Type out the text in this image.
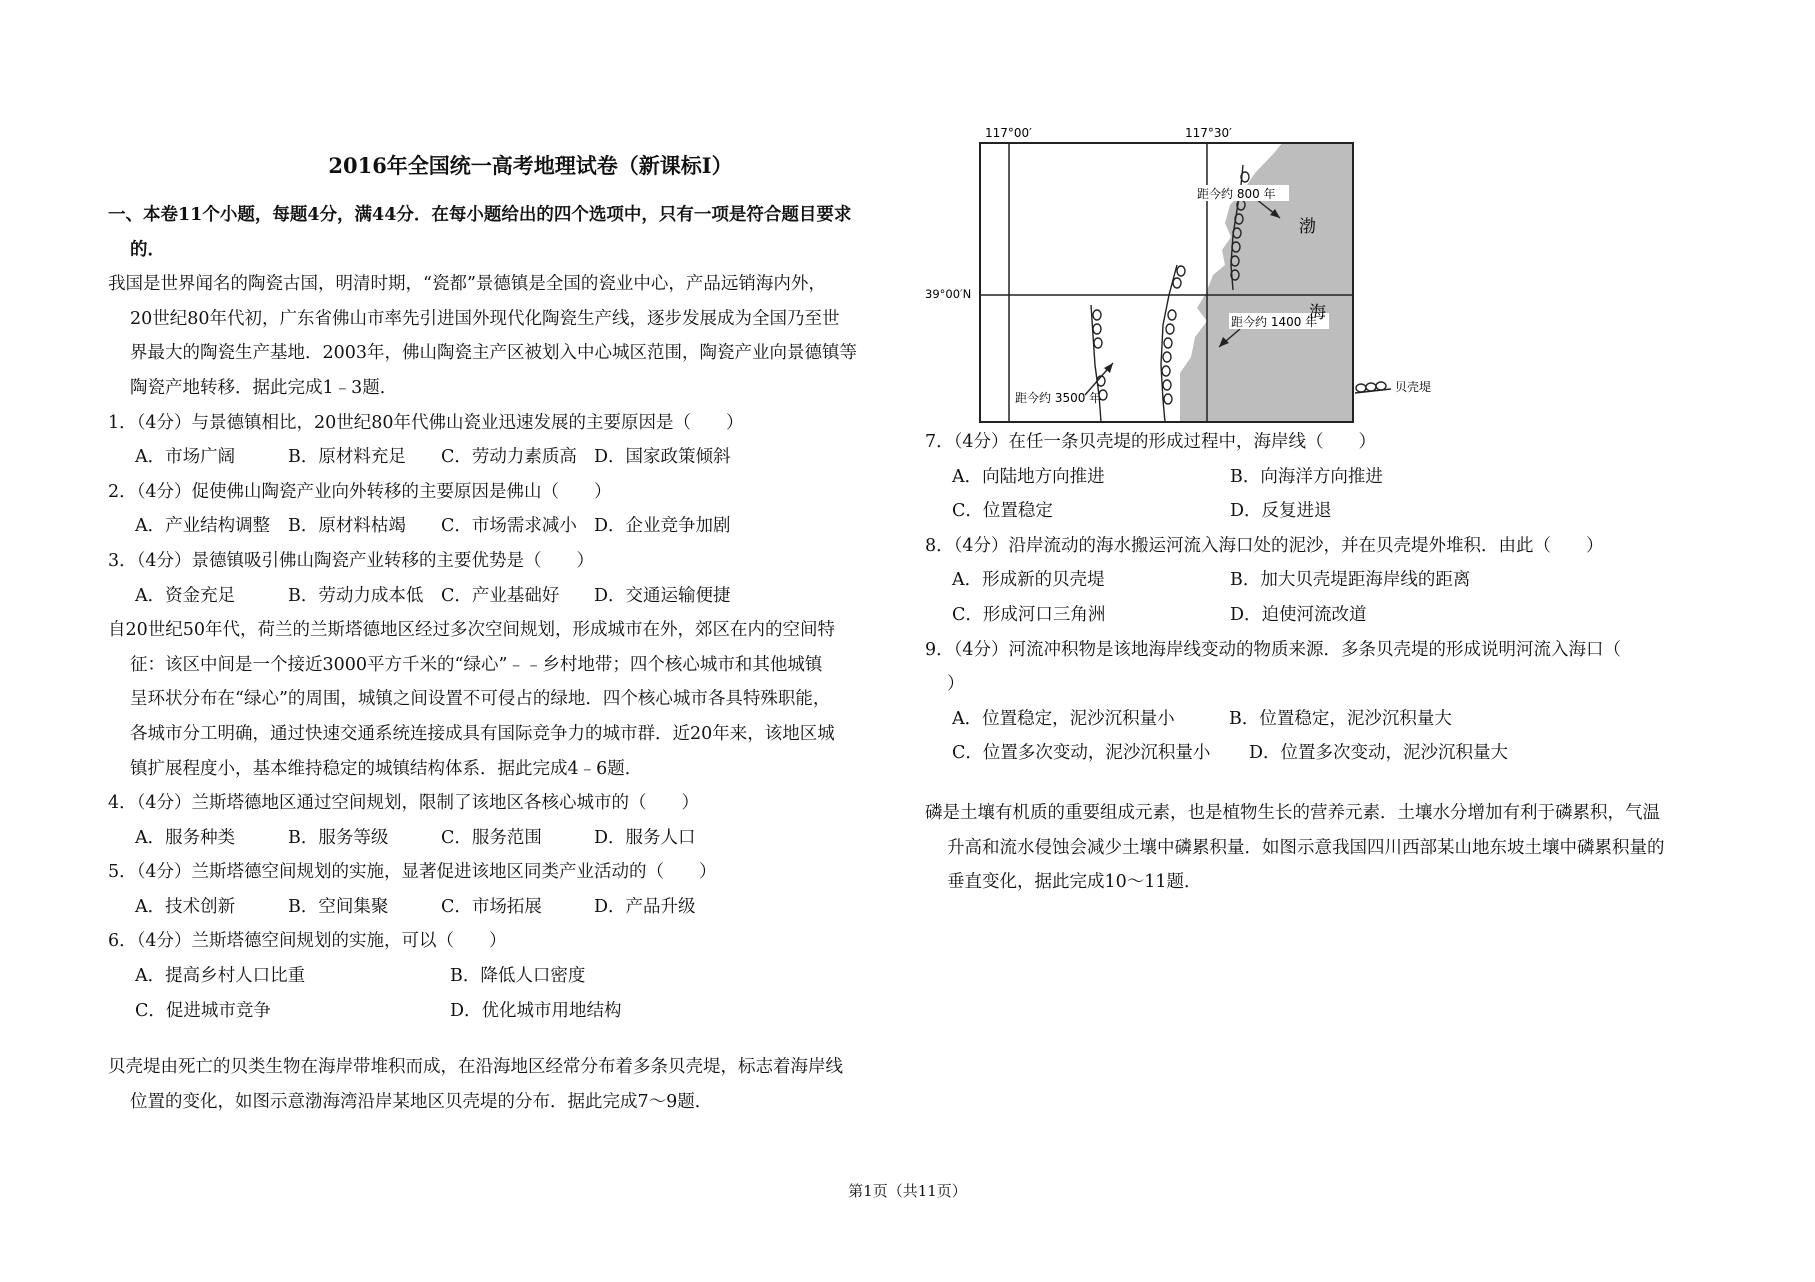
2016年全国统一高考地理试卷（新课标Ⅰ）
一、本卷11个小题，每题4分，满44分．在每小题给出的四个选项中，只有一项是符合题目要求
的．
我国是世界闻名的陶瓷古国，明清时期，“瓷都”景德镇是全国的瓷业中心，产品远销海内外，
20世纪80年代初，广东省佛山市率先引进国外现代化陶瓷生产线，逐步发展成为全国乃至世
界最大的陶瓷生产基地．2003年，佛山陶瓷主产区被划入中心城区范围，陶瓷产业向景德镇等
陶瓷产地转移．据此完成1﹣3题．
1．（4分）与景德镇相比，20世纪80年代佛山瓷业迅速发展的主要原因是（　　）
A．市场广阔	B．原材料充足	C．劳动力素质高 D．国家政策倾斜
2．（4分）促使佛山陶瓷产业向外转移的主要原因是佛山（　　）
A．产业结构调整	B．原材料枯竭	C．市场需求减小 D．企业竞争加剧
3．（4分）景德镇吸引佛山陶瓷产业转移的主要优势是（　　）
A．资金充足	B．劳动力成本低	C．产业基础好	D．交通运输便捷
自20世纪50年代，荷兰的兰斯塔德地区经过多次空间规划，形成城市在外，郊区在内的空间特
征：该区中间是一个接近3000平方千米的“绿心”﹣﹣乡村地带；四个核心城市和其他城镇
呈环状分布在“绿心”的周围，城镇之间设置不可侵占的绿地．四个核心城市各具特殊职能，
各城市分工明确，通过快速交通系统连接成具有国际竞争力的城市群．近20年来，该地区城
镇扩展程度小，基本维持稳定的城镇结构体系．据此完成4﹣6题．
4．（4分）兰斯塔德地区通过空间规划，限制了该地区各核心城市的（　　）
A．服务种类	B．服务等级	C．服务范围	D．服务人口
5．（4分）兰斯塔德空间规划的实施，显著促进该地区同类产业活动的（　　）
A．技术创新	B．空间集聚	C．市场拓展	D．产品升级
6．（4分）兰斯塔德空间规划的实施，可以（　　）
A．提高乡村人口比重	B．降低人口密度
C．促进城市竞争	D．优化城市用地结构
贝壳堤由死亡的贝类生物在海岸带堆积而成，在沿海地区经常分布着多条贝壳堤，标志着海岸线
位置的变化，如图示意渤海湾沿岸某地区贝壳堤的分布．据此完成7～9题．
117°00′	117°30′
39°00′N
距今约 800 年
距今约 1400 年
距今约 3500 年
渤
海
贝壳堤
7．（4分）在任一条贝壳堤的形成过程中，海岸线（　　）
A．向陆地方向推进	B．向海洋方向推进
C．位置稳定	D．反复进退
8．（4分）沿岸流动的海水搬运河流入海口处的泥沙，并在贝壳堤外堆积．由此（　　）
A．形成新的贝壳堤	B．加大贝壳堤距海岸线的距离
C．形成河口三角洲	D．迫使河流改道
9．（4分）河流冲积物是该地海岸线变动的物质来源．多条贝壳堤的形成说明河流入海口（
）
A．位置稳定，泥沙沉积量小	B．位置稳定，泥沙沉积量大
C．位置多次变动，泥沙沉积量小	D．位置多次变动，泥沙沉积量大
磷是土壤有机质的重要组成元素，也是植物生长的营养元素．土壤水分增加有利于磷累积，气温
升高和流水侵蚀会减少土壤中磷累积量．如图示意我国四川西部某山地东坡土壤中磷累积量的
垂直变化，据此完成10～11题．
第1页（共11页）
